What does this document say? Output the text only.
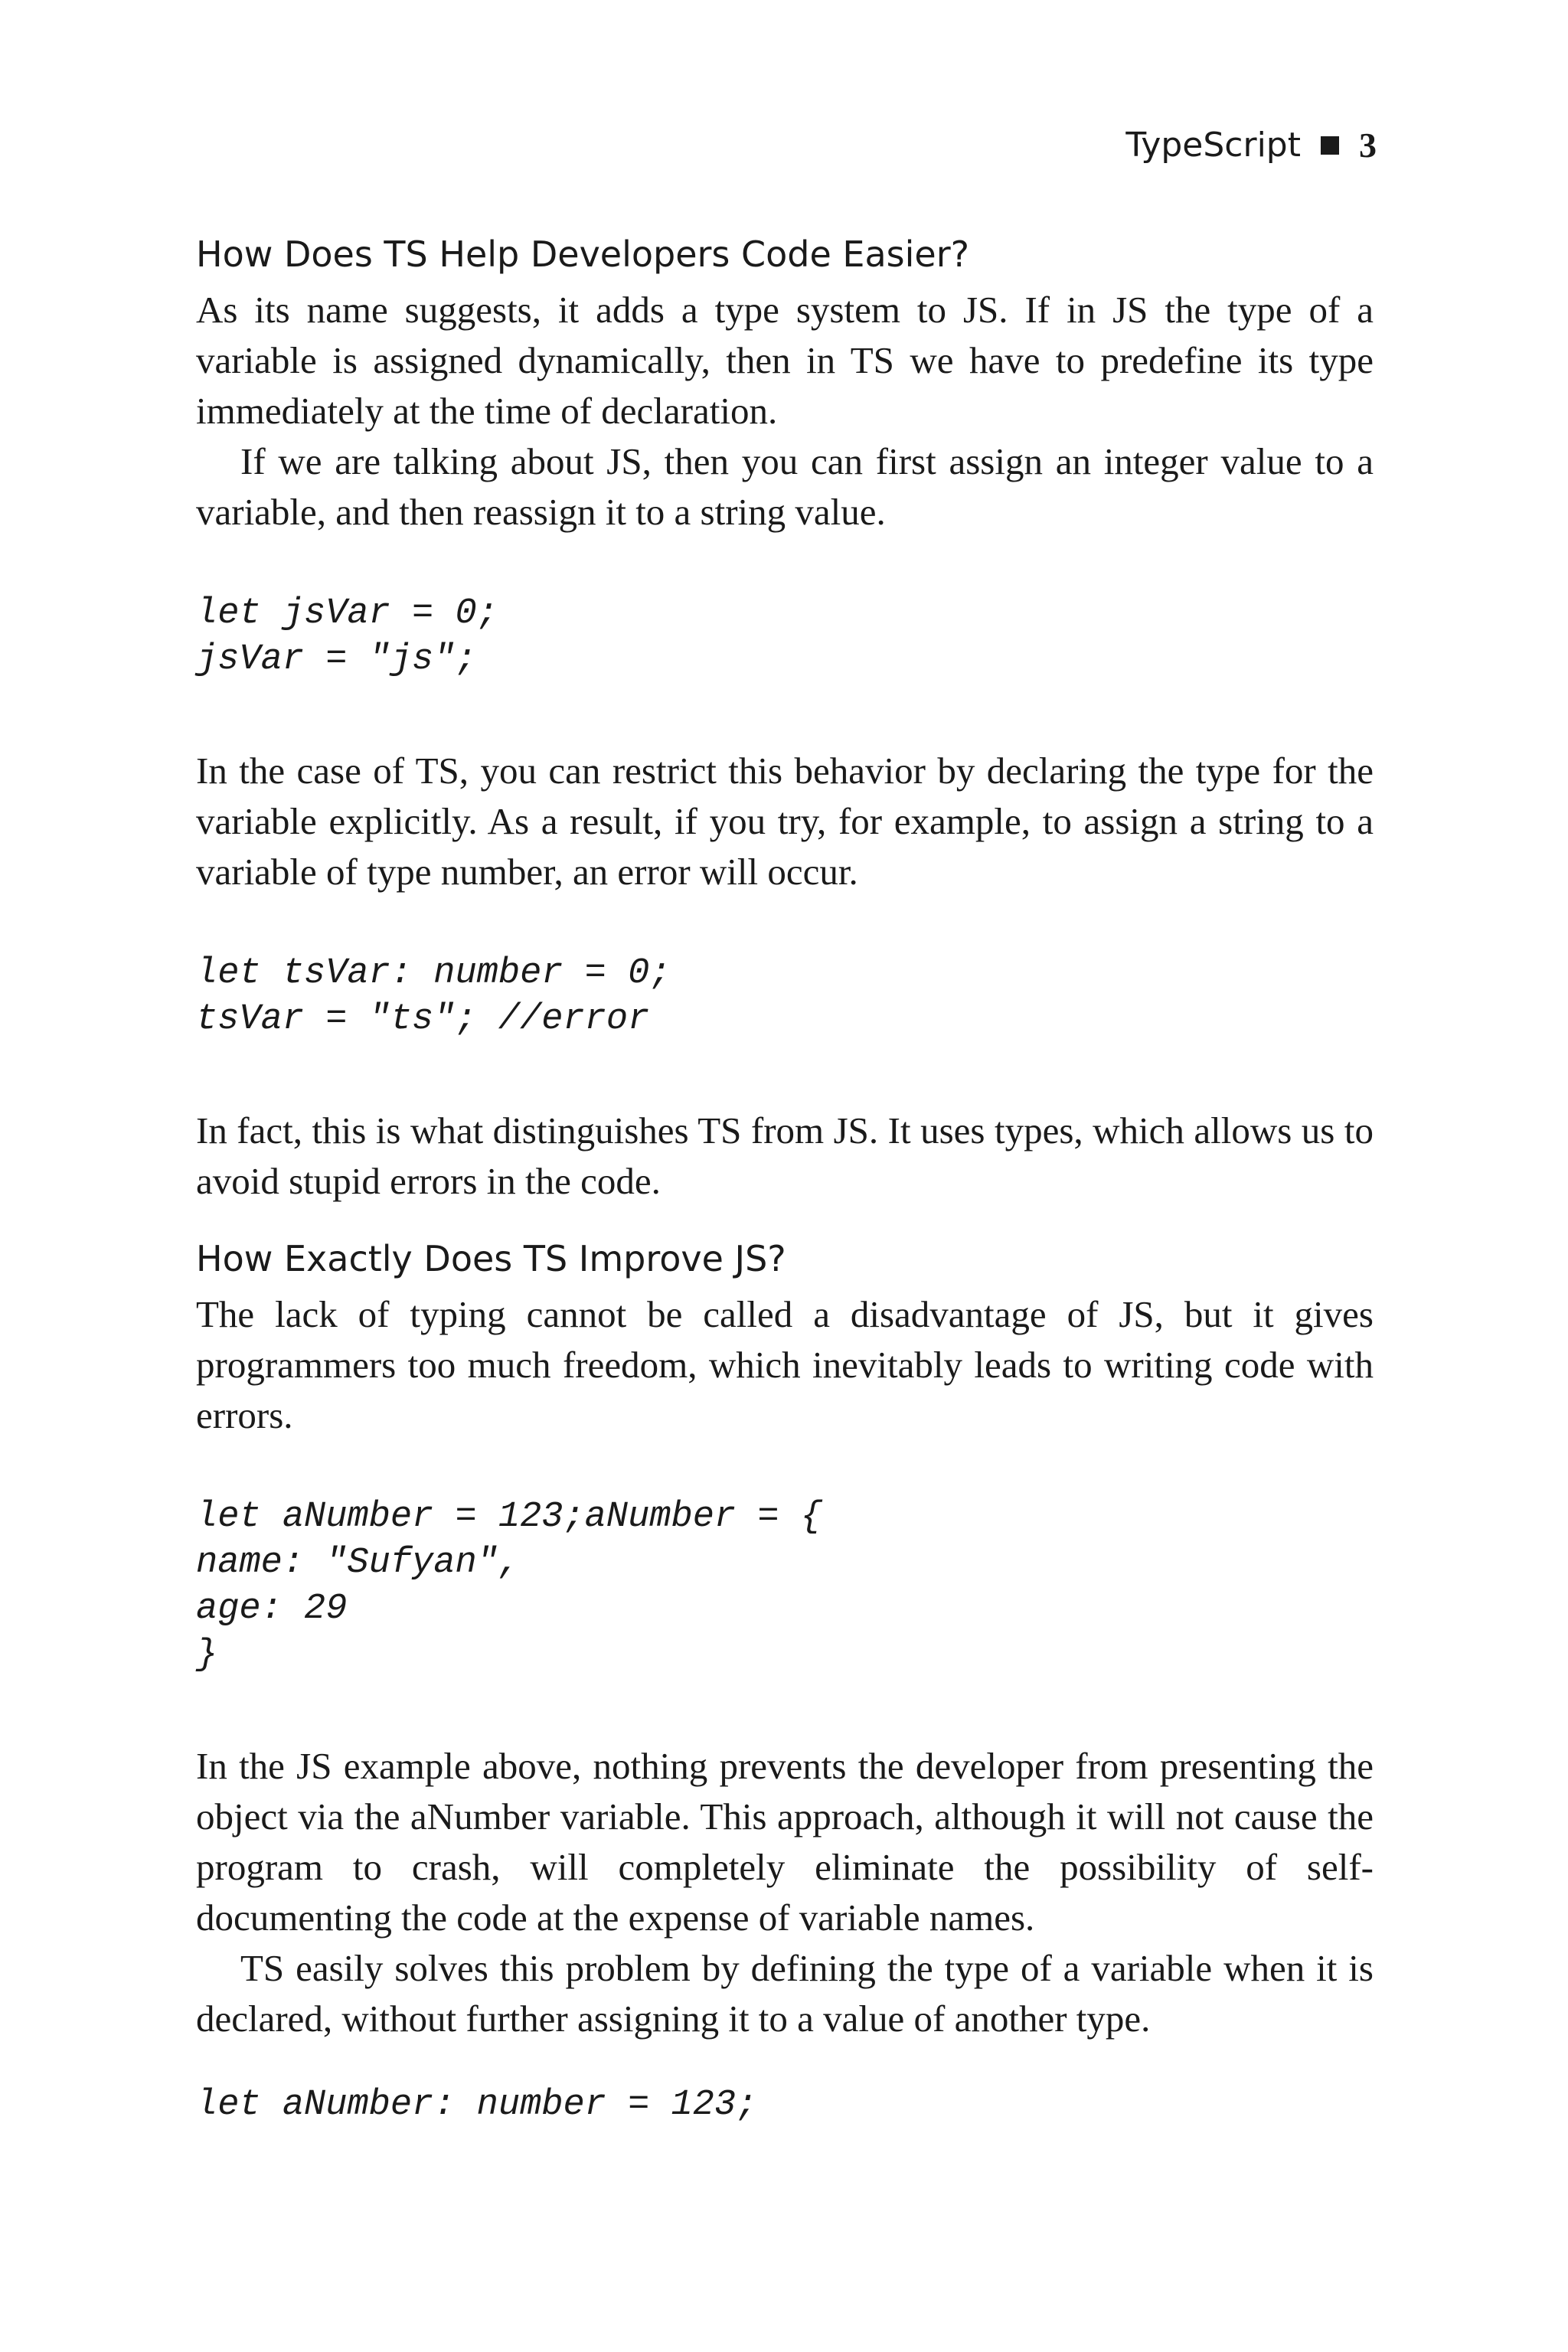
TypeScript 3
How Does TS Help Developers Code Easier?

As its name suggests, it adds a type system to JS. If in JS the type of a variable is assigned dynamically, then in TS we have to predefine its type immediately at the time of declaration.

If we are talking about JS, then you can first assign an integer value to a variable, and then reassign it to a string value.

let jsVar = 0;
jsVar = "js";

In the case of TS, you can restrict this behavior by declaring the type for the variable explicitly. As a result, if you try, for example, to assign a string to a variable of type number, an error will occur.

let tsVar: number = 0;
tsVar = "ts"; //error

In fact, this is what distinguishes TS from JS. It uses types, which allows us to avoid stupid errors in the code.

How Exactly Does TS Improve JS?

The lack of typing cannot be called a disadvantage of JS, but it gives programmers too much freedom, which inevitably leads to writing code with errors.

let aNumber = 123;aNumber = {
name: "Sufyan",
age: 29
}

In the JS example above, nothing prevents the developer from presenting the object via the aNumber variable. This approach, although it will not cause the program to crash, will completely eliminate the possibility of self-documenting the code at the expense of variable names.

TS easily solves this problem by defining the type of a variable when it is declared, without further assigning it to a value of another type.

let aNumber: number = 123;
